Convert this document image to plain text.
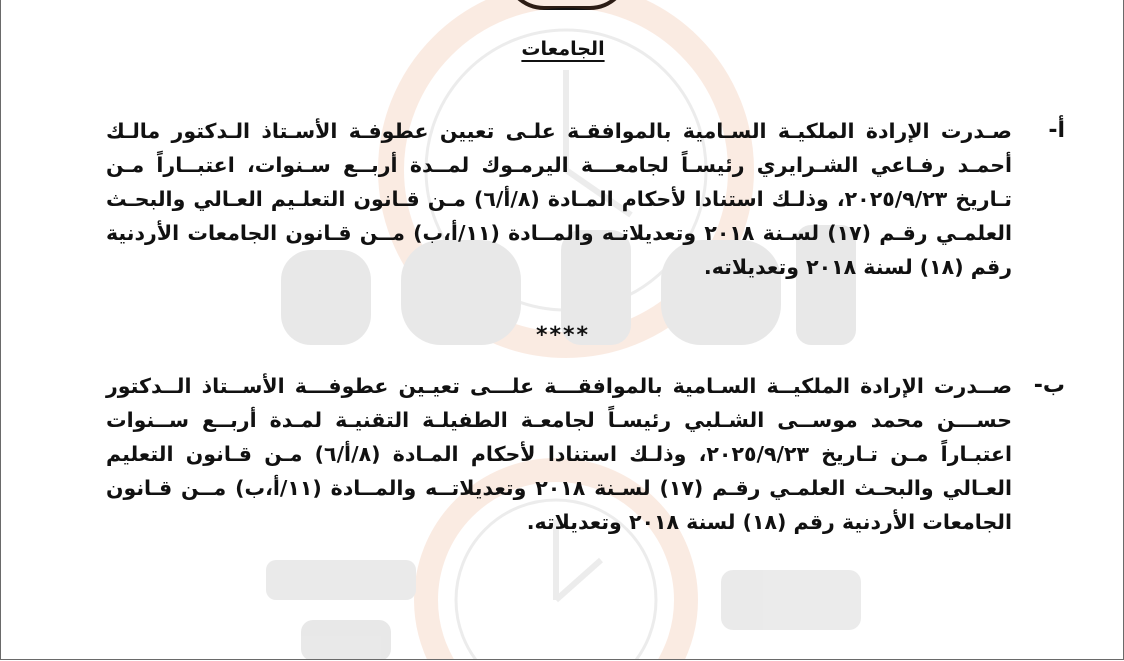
الجامعات
أ-
صـدرت الإرادة الملكيـة السـامية بالموافقـة علـى تعيين عطوفـة الأسـتاذ الـدكتور مالـك أحمـد رفـاعي الشـرايري رئيسـاً لجامعـــة اليرمـوك لمــدة أربــع سـنوات، اعتبــاراً مـن تـاريخ ٢٠٢٥/٩/٢٣، وذلـك استنادا لأحكام المـادة (٨/أ/٦) مـن قـانون التعلـيم العـالي والبحـث العلمـي رقـم (١٧) لسـنة ٢٠١٨ وتعديلاتـه والمــادة (١١/أ،ب) مــن قـانون الجامعات الأردنية رقم (١٨) لسنة ٢٠١٨ وتعديلاته.
****
ب-
صــدرت الإرادة الملكيــة السـامية بالموافقـــة علـــى تعيـين عطوفـــة الأســتاذ الــدكتور حســـن محمد موســى الشـلبي رئيسـاً لجامعـة الطفيلـة التقنيـة لمـدة أربــع ســنوات اعتبـاراً مـن تـاريخ ٢٠٢٥/٩/٢٣، وذلـك استنادا لأحكام المـادة (٨/أ/٦) مـن قـانون التعليم العـالي والبحـث العلمـي رقـم (١٧) لسـنة ٢٠١٨ وتعديلاتــه والمــادة (١١/أ،ب) مــن قـانون الجامعات الأردنية رقم (١٨) لسنة ٢٠١٨ وتعديلاته.
